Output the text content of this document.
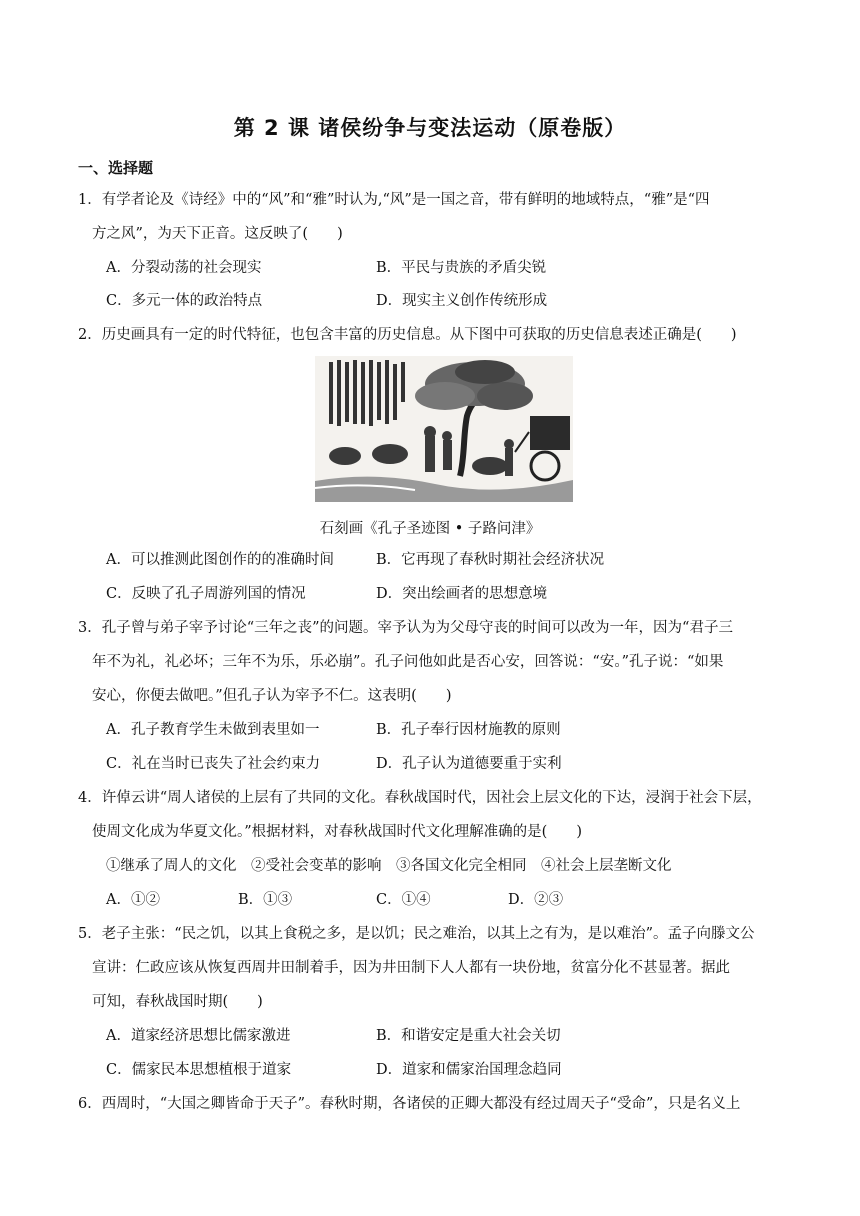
第 2 课 诸侯纷争与变法运动（原卷版）
一、选择题
1．有学者论及《诗经》中的“风”和“雅”时认为,“风”是一国之音，带有鲜明的地域特点，“雅”是“四
方之风”，为天下正音。这反映了(　　)
A．分裂动荡的社会现实	B．平民与贵族的矛盾尖锐
C．多元一体的政治特点	D．现实主义创作传统形成
2．历史画具有一定的时代特征，也包含丰富的历史信息。从下图中可获取的历史信息表述正确是(　　)
石刻画《孔子圣迹图 • 子路问津》
A．可以推测此图创作的的准确时间	B．它再现了春秋时期社会经济状况
C．反映了孔子周游列国的情况	D．突出绘画者的思想意境
3．孔子曾与弟子宰予讨论“三年之丧”的问题。宰予认为为父母守丧的时间可以改为一年，因为“君子三
年不为礼，礼必坏；三年不为乐，乐必崩”。孔子问他如此是否心安，回答说：“安。”孔子说：“如果
安心，你便去做吧。”但孔子认为宰予不仁。这表明(　　)
A．孔子教育学生未做到表里如一	B．孔子奉行因材施教的原则
C．礼在当时已丧失了社会约束力	D．孔子认为道德要重于实利
4．许倬云讲“周人诸侯的上层有了共同的文化。春秋战国时代，因社会上层文化的下达，浸润于社会下层，
使周文化成为华夏文化。”根据材料，对春秋战国时代文化理解准确的是(　　)
①继承了周人的文化　②受社会变革的影响　③各国文化完全相同　④社会上层垄断文化
A．①②	B．①③	C．①④	D．②③
5．老子主张：“民之饥，以其上食税之多，是以饥；民之难治，以其上之有为，是以难治”。孟子向滕文公
宣讲：仁政应该从恢复西周井田制着手，因为井田制下人人都有一块份地，贫富分化不甚显著。据此
可知，春秋战国时期(　　)
A．道家经济思想比儒家激进	B．和谐安定是重大社会关切
C．儒家民本思想植根于道家	D．道家和儒家治国理念趋同
6．西周时，“大国之卿皆命于天子”。春秋时期，各诸侯的正卿大都没有经过周天子“受命”，只是名义上
